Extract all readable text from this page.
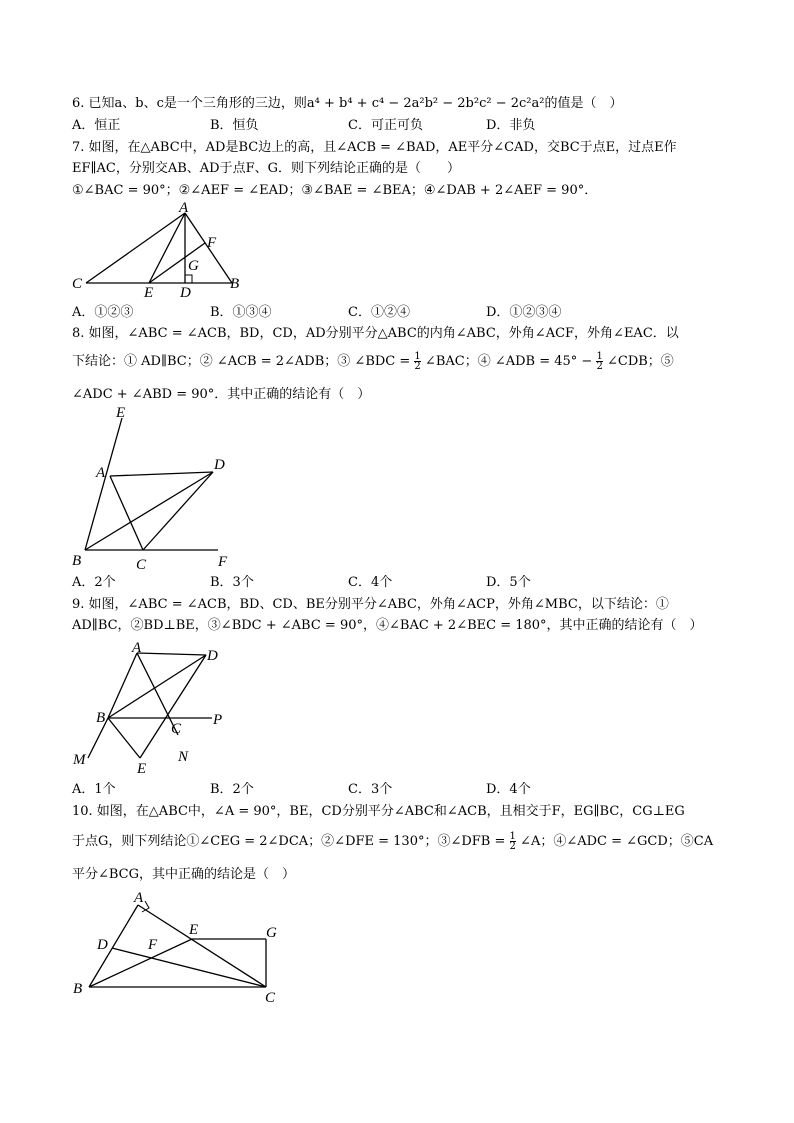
6. 已知a、b、c是一个三角形的三边，则a⁴ + b⁴ + c⁴ − 2a²b² − 2b²c² − 2c²a²的值是（　）
A．恒正	B．恒负	C．可正可负	D．非负
7. 如图，在△ABC中，AD是BC边上的高，且∠ACB = ∠BAD，AE平分∠CAD，交BC于点E，过点E作
EF∥AC，分别交AB、AD于点F、G．则下列结论正确的是（　　）
①∠BAC = 90°；②∠AEF = ∠EAD；③∠BAE = ∠BEA；④∠DAB + 2∠AEF = 90°．
A
F
G
C
E D
B
A．①②③	B．①③④	C．①②④	D．①②③④
8. 如图，∠ABC = ∠ACB，BD，CD，AD分别平分△ABC的内角∠ABC，外角∠ACF，外角∠EAC．以
下结论：① AD∥BC；② ∠ACB = 2∠ADB；③ ∠BDC = $\frac{1}{2}$ ∠BAC；④ ∠ADB = $45^\circ - \frac{1}{2}$ ∠CDB；⑤
∠ADC + ∠ABD = 90°．其中正确的结论有（　）
E
A	D
B	C	F
A．2个	B．3个	C．4个	D．5个
9. 如图，∠ABC = ∠ACB，BD、CD、BE分别平分∠ABC，外角∠ACP，外角∠MBC，以下结论：①
AD∥BC，②BD⊥BE，③∠BDC + ∠ABC = 90°，④∠BAC + 2∠BEC = 180°，其中正确的结论有（　）
A	D
B
C
P
M
E
N
A．1个	B．2个	C．3个	D．4个
10. 如图，在△ABC中，∠A = 90°，BE，CD分别平分∠ABC和∠ACB，且相交于F，EG∥BC，CG⊥EG
于点G，则下列结论①∠CEG = 2∠DCA；②∠DFE = 130°；③∠DFB = $\frac{1}{2}$ ∠A；④∠ADC = ∠GCD；⑤CA
平分∠BCG，其中正确的结论是（　）
A
D	F
E	G
B
C
